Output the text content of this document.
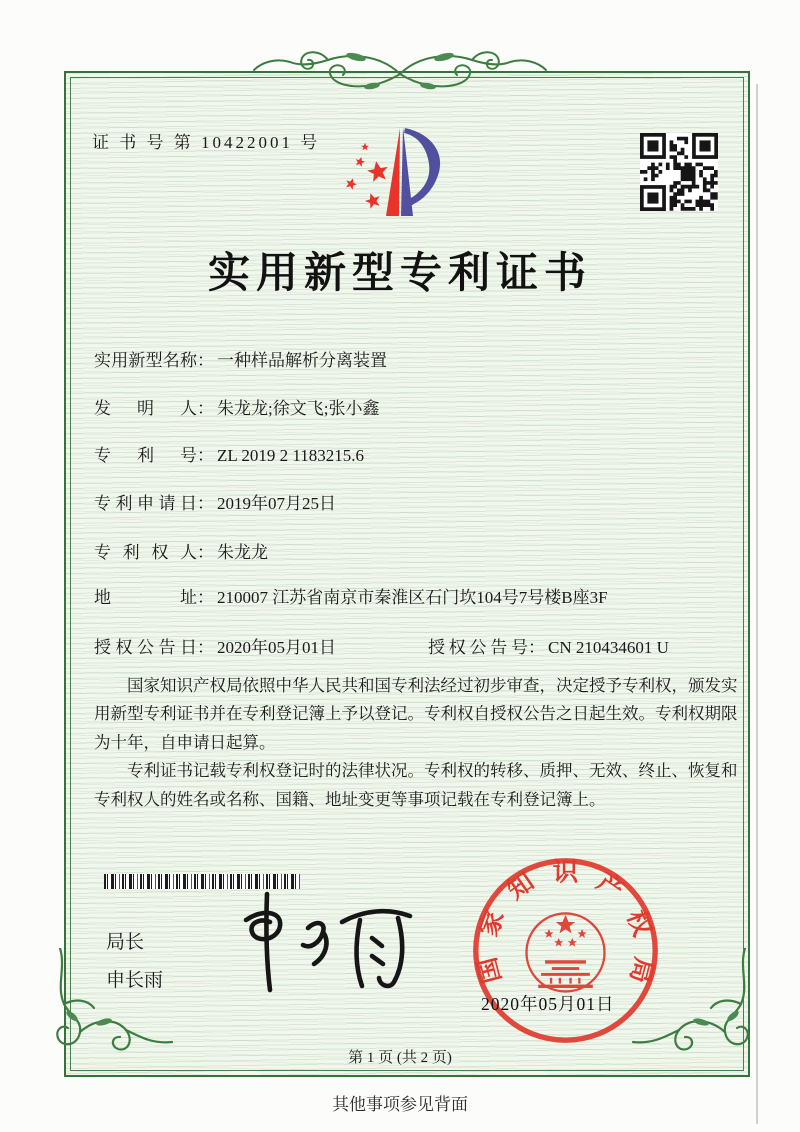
证 书 号 第 10422001 号
实用新型专利证书
实用新型名称： 一种样品解析分离装置
发明人： 朱龙龙;徐文飞;张小鑫
专利号： ZL 2019 2 1183215.6
专利申请日： 2019年07月25日
专利权人： 朱龙龙
地址： 210007 江苏省南京市秦淮区石门坎104号7号楼B座3F
授权公告日： 2020年05月01日	授权公告号： CN 210434601 U

国家知识产权局依照中华人民共和国专利法经过初步审查，决定授予专利权，颁发实用新型专利证书并在专利登记簿上予以登记。专利权自授权公告之日起生效。专利权期限为十年，自申请日起算。

专利证书记载专利权登记时的法律状况。专利权的转移、质押、无效、终止、恢复和专利权人的姓名或名称、国籍、地址变更等事项记载在专利登记簿上。

局长
申长雨	国家知识产权局
2020年05月01日
第 1 页 (共 2 页)
其他事项参见背面
